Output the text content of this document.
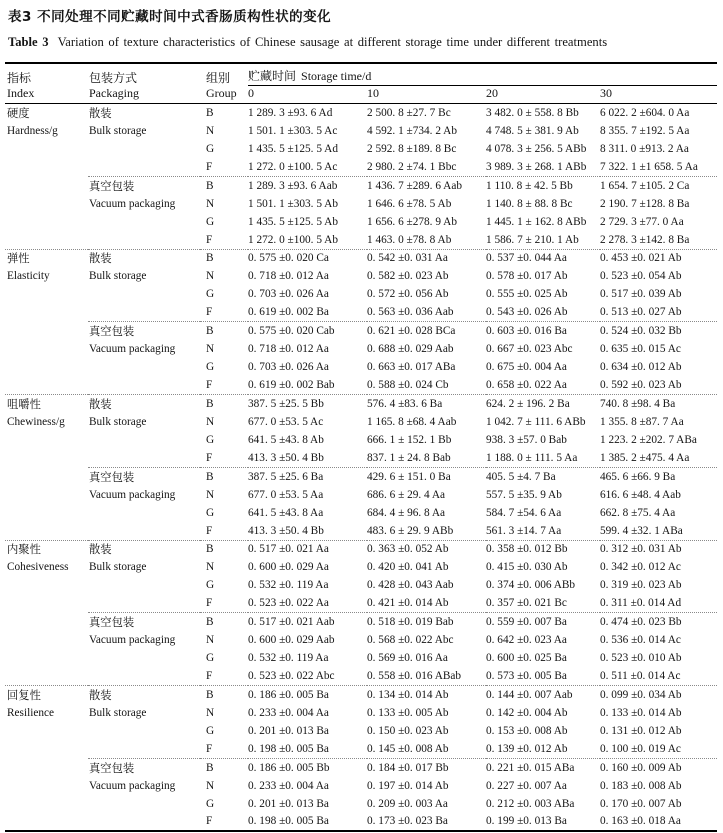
表3 不同处理不同贮藏时间中式香肠质构性状的变化
Table 3 Variation of texture characteristics of Chinese sausage at different storage time under different treatments
指标	包装方式	组别	贮藏时间 Storage time/d			
Index	Packaging	Group	0	10	20	30
硬度	散装	B	1 289. 3 ±93. 6 Ad	2 500. 8 ±27. 7 Bc	3 482. 0 ± 558. 8 Bb	6 022. 2 ±604. 0 Aa
Hardness/g	Bulk storage	N	1 501. 1 ±303. 5 Ac	4 592. 1 ±734. 2 Ab	4 748. 5 ± 381. 9 Ab	8 355. 7 ±192. 5 Aa
		G	1 435. 5 ±125. 5 Ad	2 592. 8 ±189. 8 Bc	4 078. 3 ± 256. 5 ABb	8 311. 0 ±913. 2 Aa
		F	1 272. 0 ±100. 5 Ac	2 980. 2 ±74. 1 Bbc	3 989. 3 ± 268. 1 ABb	7 322. 1 ±1 658. 5 Aa
	真空包装	B	1 289. 3 ±93. 6 Aab	1 436. 7 ±289. 6 Aab	1 110. 8 ± 42. 5 Bb	1 654. 7 ±105. 2 Ca
	Vacuum packaging	N	1 501. 1 ±303. 5 Ab	1 646. 6 ±78. 5 Ab	1 140. 8 ± 88. 8 Bc	2 190. 7 ±128. 8 Ba
		G	1 435. 5 ±125. 5 Ab	1 656. 6 ±278. 9 Ab	1 445. 1 ± 162. 8 ABb	2 729. 3 ±77. 0 Aa
		F	1 272. 0 ±100. 5 Ab	1 463. 0 ±78. 8 Ab	1 586. 7 ± 210. 1 Ab	2 278. 3 ±142. 8 Ba
弹性	散装	B	0. 575 ±0. 020 Ca	0. 542 ±0. 031 Aa	0. 537 ±0. 044 Aa	0. 453 ±0. 021 Ab
Elasticity	Bulk storage	N	0. 718 ±0. 012 Aa	0. 582 ±0. 023 Ab	0. 578 ±0. 017 Ab	0. 523 ±0. 054 Ab
		G	0. 703 ±0. 026 Aa	0. 572 ±0. 056 Ab	0. 555 ±0. 025 Ab	0. 517 ±0. 039 Ab
		F	0. 619 ±0. 002 Ba	0. 563 ±0. 036 Aab	0. 543 ±0. 026 Ab	0. 513 ±0. 027 Ab
	真空包装	B	0. 575 ±0. 020 Cab	0. 621 ±0. 028 BCa	0. 603 ±0. 016 Ba	0. 524 ±0. 032 Bb
	Vacuum packaging	N	0. 718 ±0. 012 Aa	0. 688 ±0. 029 Aab	0. 667 ±0. 023 Abc	0. 635 ±0. 015 Ac
		G	0. 703 ±0. 026 Aa	0. 663 ±0. 017 ABa	0. 675 ±0. 004 Aa	0. 634 ±0. 012 Ab
		F	0. 619 ±0. 002 Bab	0. 588 ±0. 024 Cb	0. 658 ±0. 022 Aa	0. 592 ±0. 023 Ab
咀嚼性	散装	B	387. 5 ±25. 5 Bb	576. 4 ±83. 6 Ba	624. 2 ± 196. 2 Ba	740. 8 ±98. 4 Ba
Chewiness/g	Bulk storage	N	677. 0 ±53. 5 Ac	1 165. 8 ±68. 4 Aab	1 042. 7 ± 111. 6 ABb	1 355. 8 ±87. 7 Aa
		G	641. 5 ±43. 8 Ab	666. 1 ± 152. 1 Bb	938. 3 ±57. 0 Bab	1 223. 2 ±202. 7 ABa
		F	413. 3 ±50. 4 Bb	837. 1 ± 24. 8 Bab	1 188. 0 ± 111. 5 Aa	1 385. 2 ±475. 4 Aa
	真空包装	B	387. 5 ±25. 6 Ba	429. 6 ± 151. 0 Ba	405. 5 ±4. 7 Ba	465. 6 ±66. 9 Ba
	Vacuum packaging	N	677. 0 ±53. 5 Aa	686. 6 ± 29. 4 Aa	557. 5 ±35. 9 Ab	616. 6 ±48. 4 Aab
		G	641. 5 ±43. 8 Aa	684. 4 ± 96. 8 Aa	584. 7 ±54. 6 Aa	662. 8 ±75. 4 Aa
		F	413. 3 ±50. 4 Bb	483. 6 ± 29. 9 ABb	561. 3 ±14. 7 Aa	599. 4 ±32. 1 ABa
内聚性	散装	B	0. 517 ±0. 021 Aa	0. 363 ±0. 052 Ab	0. 358 ±0. 012 Bb	0. 312 ±0. 031 Ab
Cohesiveness	Bulk storage	N	0. 600 ±0. 029 Aa	0. 420 ±0. 041 Ab	0. 415 ±0. 030 Ab	0. 342 ±0. 012 Ac
		G	0. 532 ±0. 119 Aa	0. 428 ±0. 043 Aab	0. 374 ±0. 006 ABb	0. 319 ±0. 023 Ab
		F	0. 523 ±0. 022 Aa	0. 421 ±0. 014 Ab	0. 357 ±0. 021 Bc	0. 311 ±0. 014 Ad
	真空包装	B	0. 517 ±0. 021 Aab	0. 518 ±0. 019 Bab	0. 559 ±0. 007 Ba	0. 474 ±0. 023 Bb
	Vacuum packaging	N	0. 600 ±0. 029 Aab	0. 568 ±0. 022 Abc	0. 642 ±0. 023 Aa	0. 536 ±0. 014 Ac
		G	0. 532 ±0. 119 Aa	0. 569 ±0. 016 Aa	0. 600 ±0. 025 Ba	0. 523 ±0. 010 Ab
		F	0. 523 ±0. 022 Abc	0. 558 ±0. 016 ABab	0. 573 ±0. 005 Ba	0. 511 ±0. 014 Ac
回复性	散装	B	0. 186 ±0. 005 Ba	0. 134 ±0. 014 Ab	0. 144 ±0. 007 Aab	0. 099 ±0. 034 Ab
Resilience	Bulk storage	N	0. 233 ±0. 004 Aa	0. 133 ±0. 005 Ab	0. 142 ±0. 004 Ab	0. 133 ±0. 014 Ab
		G	0. 201 ±0. 013 Ba	0. 150 ±0. 023 Ab	0. 153 ±0. 008 Ab	0. 131 ±0. 012 Ab
		F	0. 198 ±0. 005 Ba	0. 145 ±0. 008 Ab	0. 139 ±0. 012 Ab	0. 100 ±0. 019 Ac
	真空包装	B	0. 186 ±0. 005 Bb	0. 184 ±0. 017 Bb	0. 221 ±0. 015 ABa	0. 160 ±0. 009 Ab
	Vacuum packaging	N	0. 233 ±0. 004 Aa	0. 197 ±0. 014 Ab	0. 227 ±0. 007 Aa	0. 183 ±0. 008 Ab
		G	0. 201 ±0. 013 Ba	0. 209 ±0. 003 Aa	0. 212 ±0. 003 ABa	0. 170 ±0. 007 Ab
		F	0. 198 ±0. 005 Ba	0. 173 ±0. 023 Ba	0. 199 ±0. 013 Ba	0. 163 ±0. 018 Aa
